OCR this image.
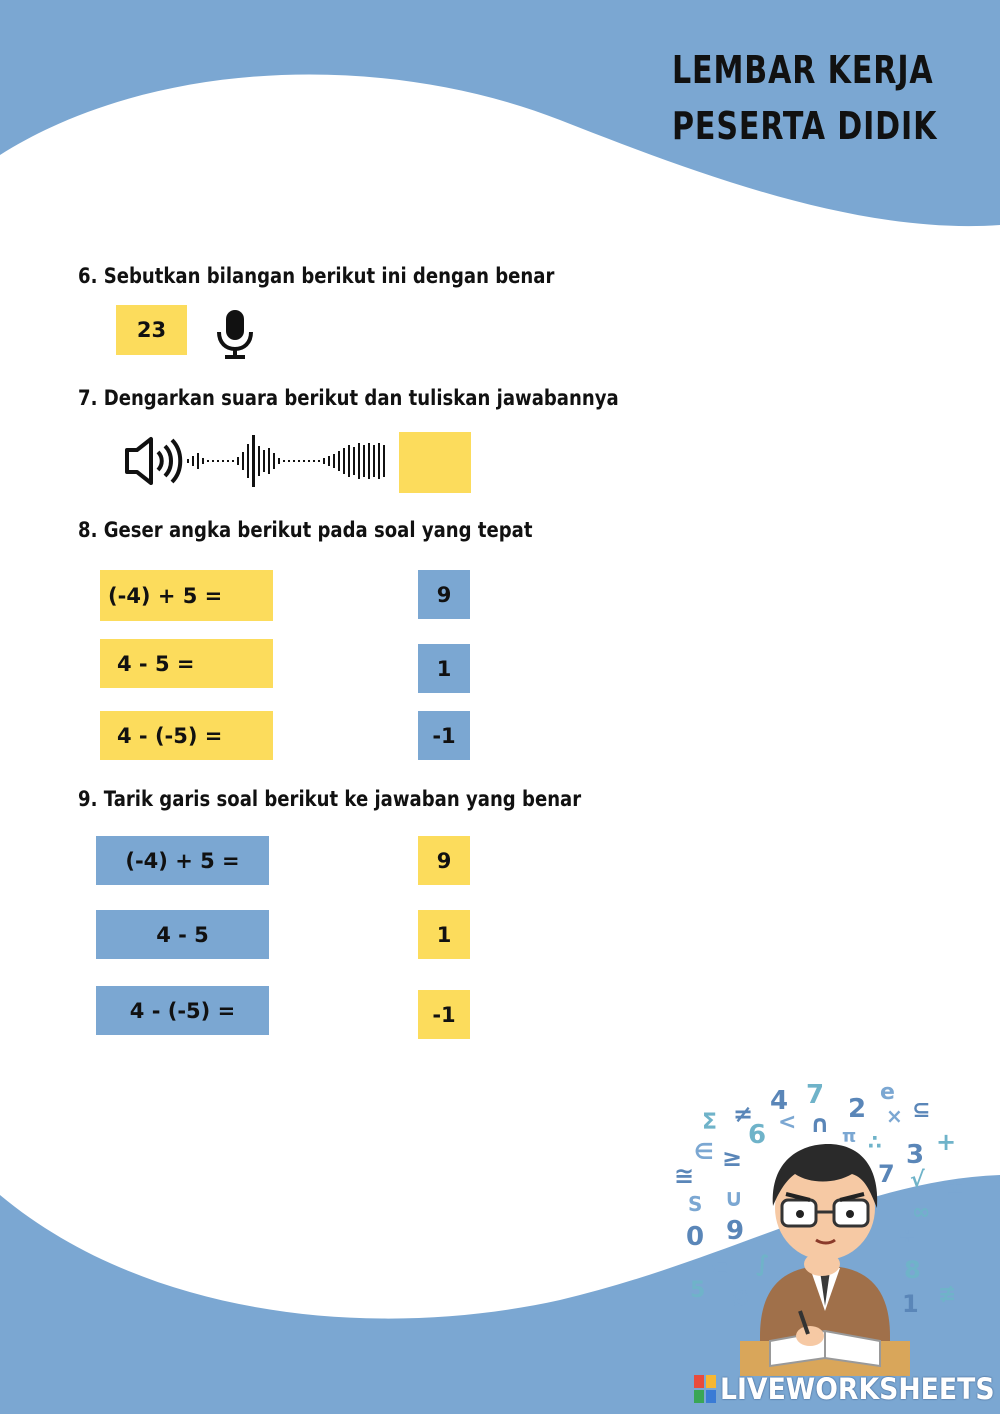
LEMBAR KERJA
PESERTA DIDIK
6. Sebutkan bilangan berikut ini dengan benar
23
7. Dengarkan suara berikut dan tuliskan jawabannya
8. Geser angka berikut pada soal yang tepat
(-4) + 5 =
4 - 5 =
4 - (-5) =
9
1
-1
9. Tarik garis soal berikut ke jawaban yang benar
(-4) + 5 =
4 - 5
4 - (-5) =
9
1
-1
4 7	e
2
≠
Σ 6 < ∩	× ⊆
π ∴ +
∈ ≥	3
7 √ ±
≅
∪
∞
S
0 9	÷
⊂	8
∫
5	1 ≢
∅
LIVEWORKSHEETS
